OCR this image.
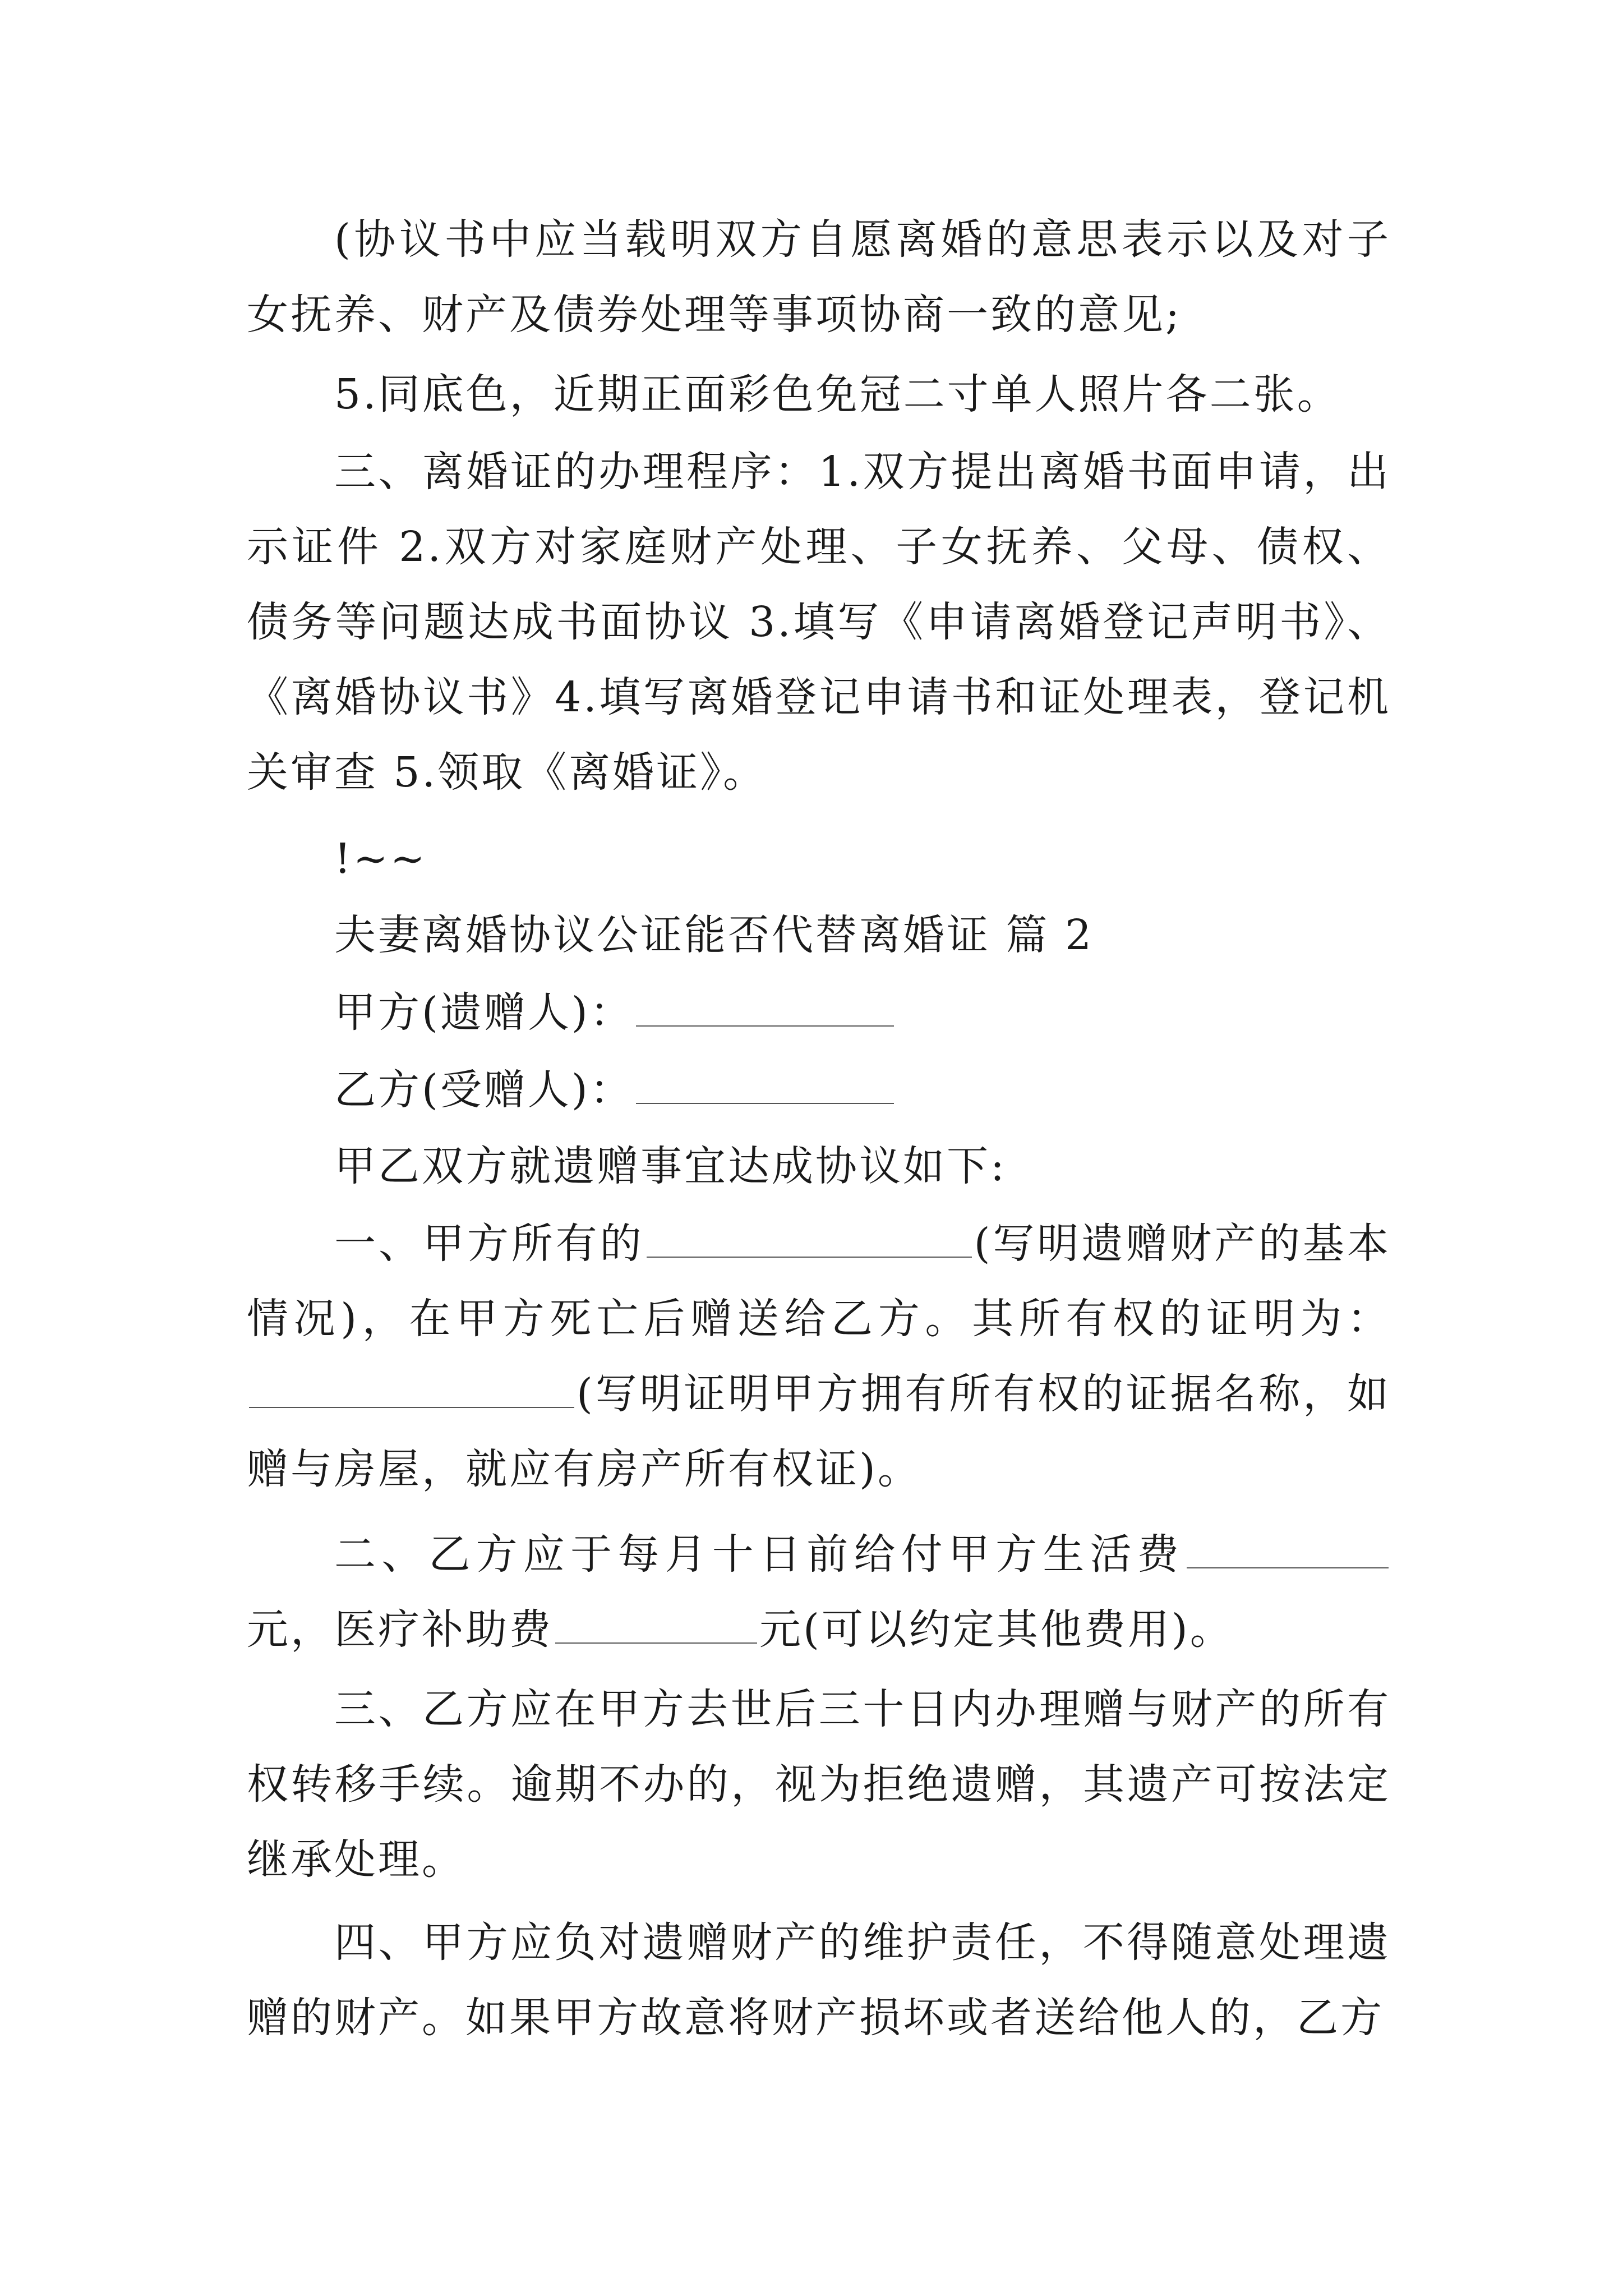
(协议书中应当载明双方自愿离婚的意思表示以及对子女抚养、财产及债券处理等事项协商一致的意见;

5.同底色，近期正面彩色免冠二寸单人照片各二张。

三、离婚证的办理程序：1.双方提出离婚书面申请，出示证件 2.双方对家庭财产处理、子女抚养、父母、债权、债务等问题达成书面协议 3.填写《申请离婚登记声明书》、《离婚协议书》4.填写离婚登记申请书和证处理表，登记机关审查 5.领取《离婚证》。

!~~

夫妻离婚协议公证能否代替离婚证 篇 2

甲方(遗赠人)：

乙方(受赠人)：

甲乙双方就遗赠事宜达成协议如下:

一、甲方所有的	(写明遗赠财产的基本情况)，在甲方死亡后赠送给乙方。其所有权的证明为：(写明证明甲方拥有所有权的证据名称，如赠与房屋，就应有房产所有权证)。

二、乙方应于每月十日前给付甲方生活费元，医疗补助费	元(可以约定其他费用)。

三、乙方应在甲方去世后三十日内办理赠与财产的所有权转移手续。逾期不办的，视为拒绝遗赠，其遗产可按法定继承处理。

四、甲方应负对遗赠财产的维护责任，不得随意处理遗赠的财产。如果甲方故意将财产损坏或者送给他人的，乙方
